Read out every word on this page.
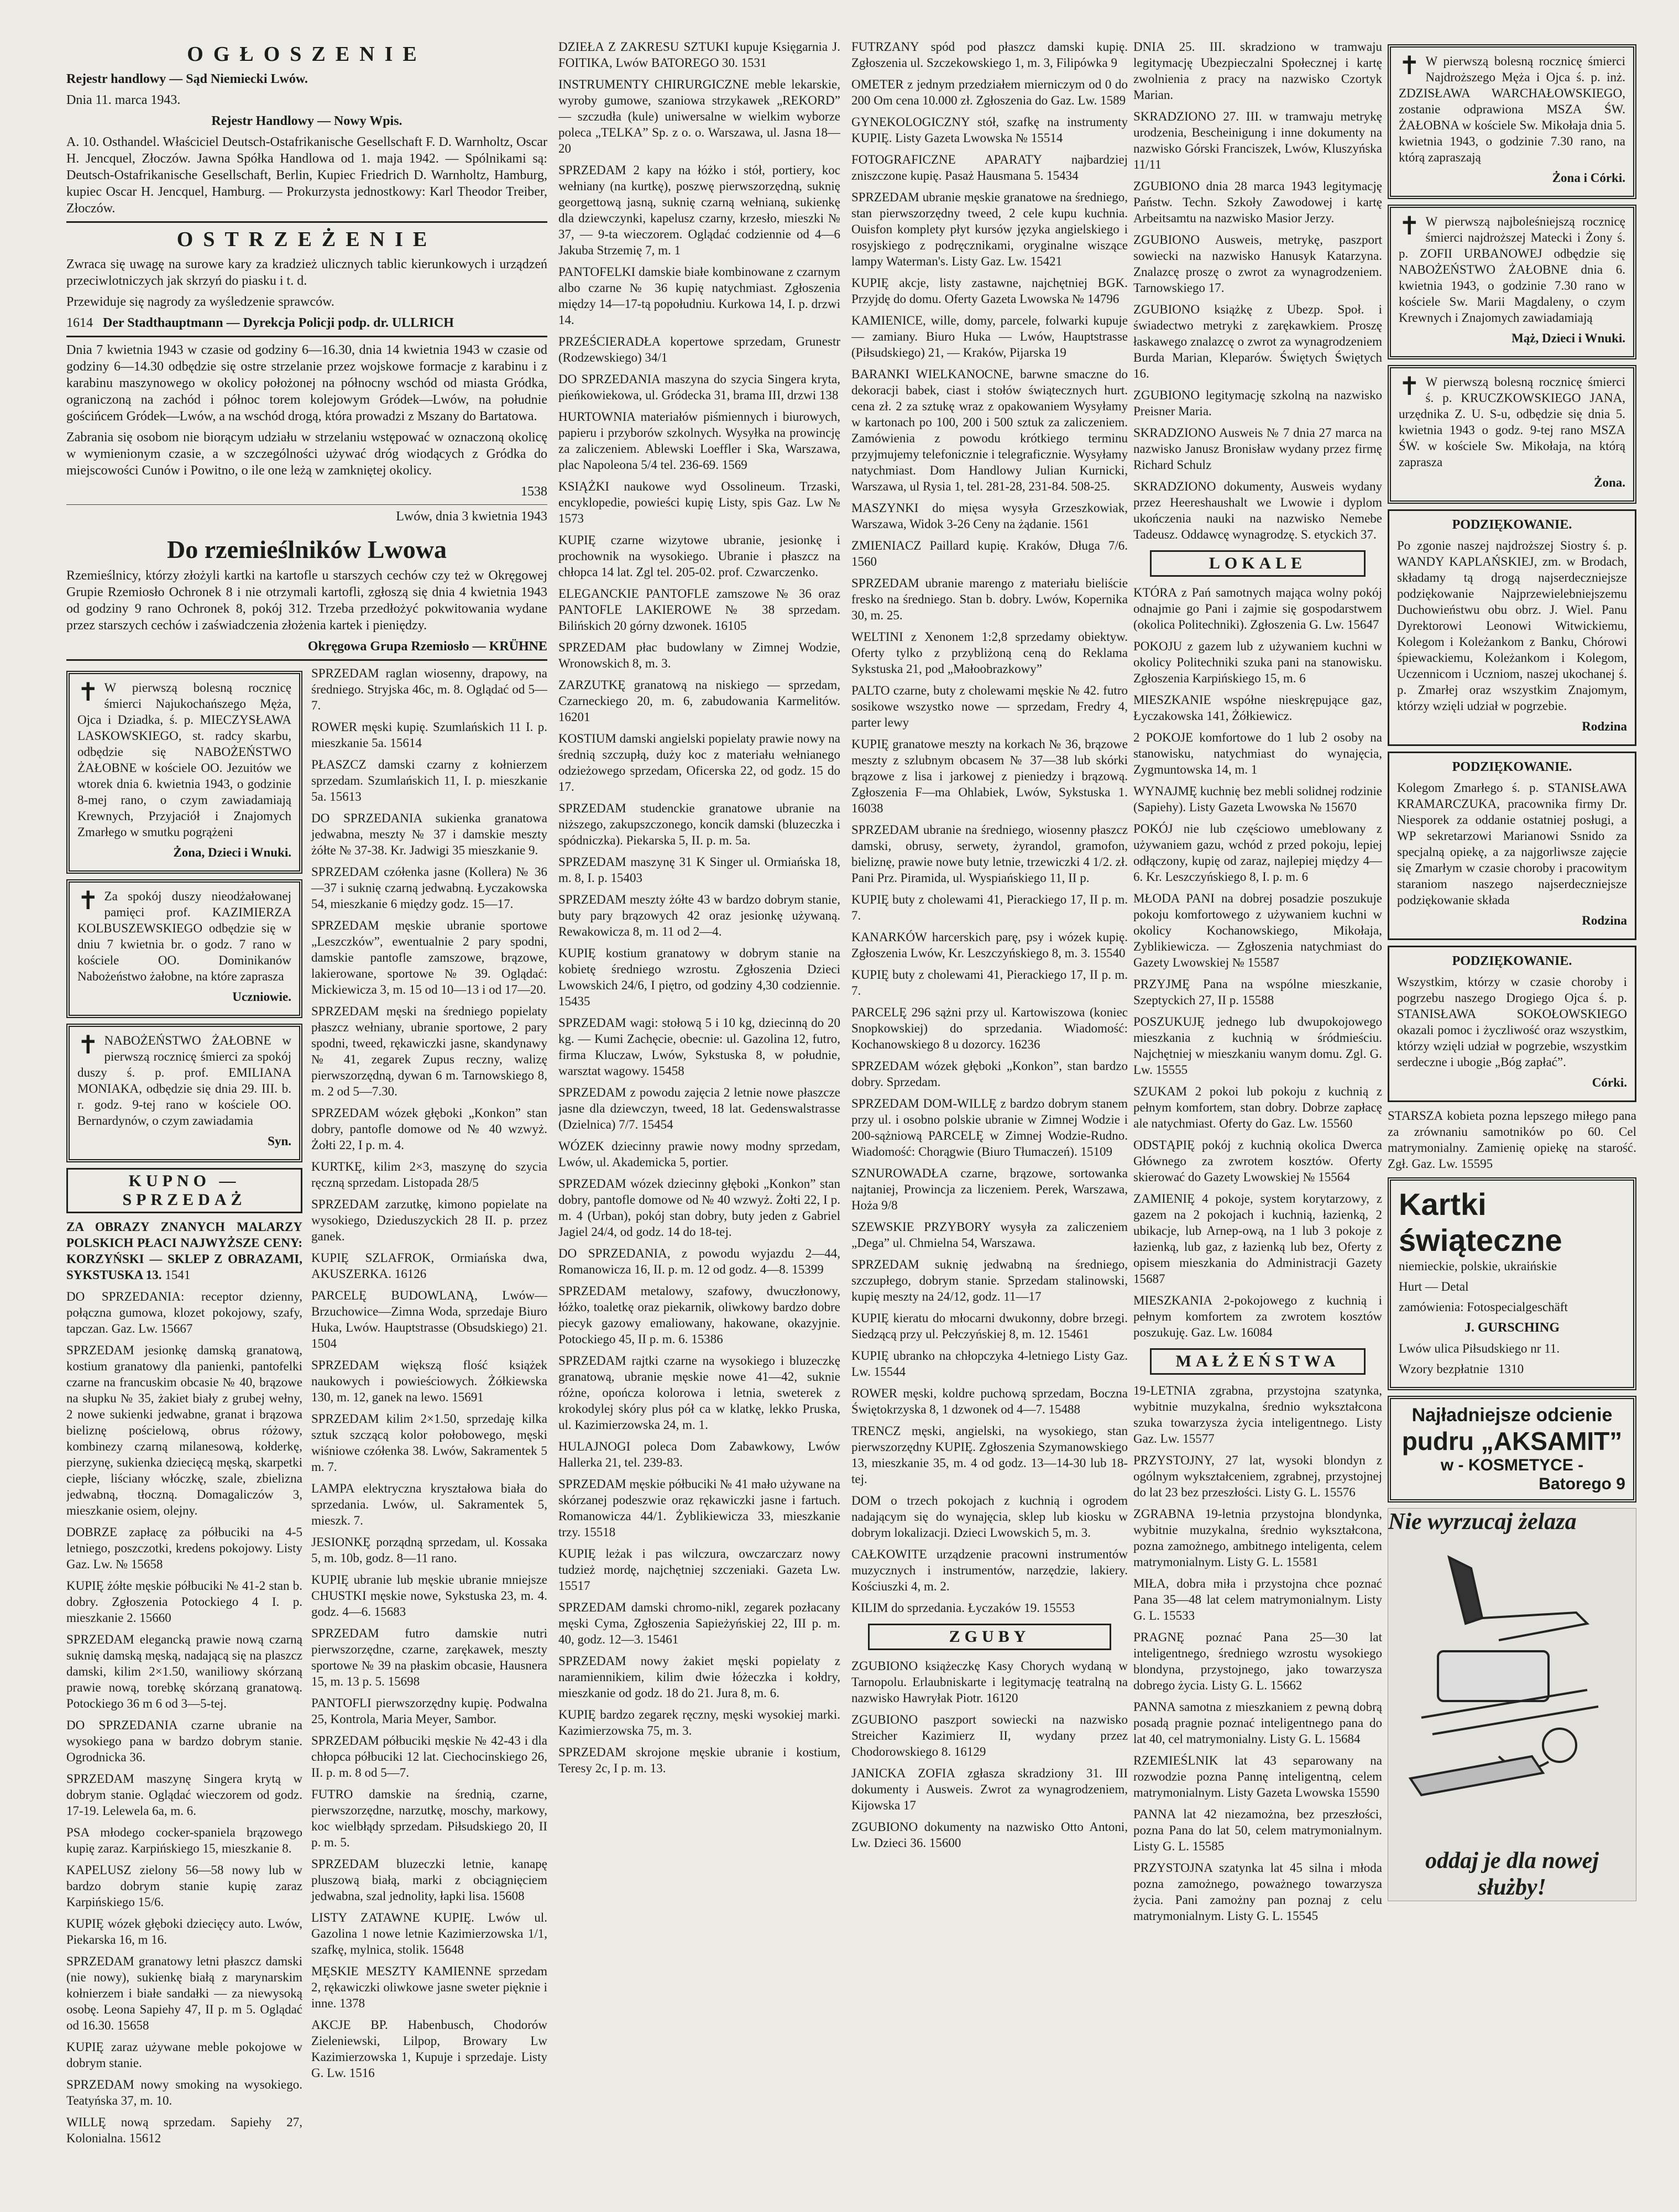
OGŁOSZENIE

Rejestr handlowy — Sąd Niemiecki Lwów.

Dnia 11. marca 1943.

Rejestr Handlowy — Nowy Wpis.

A. 10. Osthandel. Właściciel Deutsch-Ostafrikanische Gesellschaft F. D. Warnholtz, Oscar H. Jencquel, Złoczów. Jawna Spółka Handlowa od 1. maja 1942. — Spólnikami są: Deutsch-Ostafrikanische Gesellschaft, Berlin, Kupiec Friedrich D. Warnholtz, Hamburg, kupiec Oscar H. Jencquel, Hamburg. — Prokurzysta jednostkowy: Karl Theodor Treiber, Złoczów.

OSTRZEŻENIE

Zwraca się uwagę na surowe kary za kradzież ulicznych tablic kierunkowych i urządzeń przeciwlotniczych jak skrzyń do piasku i t. d.

Przewiduje się nagrody za wyśledzenie sprawców.

1614 Der Stadthauptmann — Dyrekcja Policji podp. dr. ULLRICH

Dnia 7 kwietnia 1943 w czasie od godziny 6—16.30, dnia 14 kwietnia 1943 w czasie od godziny 6—14.30 odbędzie się ostre strzelanie przez wojskowe formacje z karabinu i z karabinu maszynowego w okolicy położonej na północny wschód od miasta Gródka, ograniczoną na zachód i północ torem kolejowym Gródek—Lwów, na południe gościńcem Gródek—Lwów, a na wschód drogą, która prowadzi z Mszany do Bartatowa.

Zabrania się osobom nie biorącym udziału w strzelaniu wstępować w oznaczoną okolicę w wymienionym czasie, a w szczególności używać dróg wiodących z Gródka do miejscowości Cunów i Powitno, o ile one leżą w zamkniętej okolicy.

1538

Lwów, dnia 3 kwietnia 1943

Do rzemieślników Lwowa

Rzemieślnicy, którzy złożyli kartki na kartofle u starszych cechów czy też w Okręgowej Grupie Rzemiosło Ochronek 8 i nie otrzymali kartofli, zgłoszą się dnia 4 kwietnia 1943 od godziny 9 rano Ochronek 8, pokój 312. Trzeba przedłożyć pokwitowania wydane przez starszych cechów i zaświadczenia złożenia kartek i pieniędzy.

Okręgowa Grupa Rzemiosło — KRÜHNE

✝ W pierwszą bolesną rocznicę śmierci Najukochańszego Męża, Ojca i Dziadka, ś. p. MIECZYSŁAWA LASKOWSKIEGO, st. radcy skarbu, odbędzie się NABOŻEŃSTWO ŻAŁOBNE w kościele OO. Jezuitów we wtorek dnia 6. kwietnia 1943, o godzinie 8-mej rano, o czym zawiadamiają Krewnych, Przyjaciół i Znajomych Zmarłego w smutku pogrążeni

Żona, Dzieci i Wnuki.

✝ Za spokój duszy nieodżałowanej pamięci prof. KAZIMIERZA KOLBUSZEWSKIEGO odbędzie się w dniu 7 kwietnia br. o godz. 7 rano w kościele OO. Dominikanów Nabożeństwo żałobne, na które zaprasza

Uczniowie.

✝ NABOŻEŃSTWO ŻAŁOBNE w pierwszą rocznicę śmierci za spokój duszy ś. p. prof. EMILIANA MONIAKA, odbędzie się dnia 29. III. b. r. godz. 9-tej rano w kościele OO. Bernardynów, o czym zawiadamia

Syn.

KUPNO — SPRZEDAŻ

ZA OBRAZY ZNANYCH MALARZY POLSKICH PŁACI NAJWYŻSZE CENY: KORZYŃSKI — SKLEP Z OBRAZAMI, SYKSTUSKA 13. 1541

DO SPRZEDANIA: receptor dzienny, połączna gumowa, klozet pokojowy, szafy, tapczan. Gaz. Lw. 15667

SPRZEDAM jesionkę damską granatową, kostium granatowy dla panienki, pantofelki czarne na francuskim obcasie № 40, brązowe na słupku № 35, żakiet biały z grubej wełny, 2 nowe sukienki jedwabne, granat i brązowa bieliznę pościelową, obrus różowy, kombinezy czarną milanesową, kołderkę, pierzynę, sukienka dziecięcą męską, skarpetki ciepłe, liściany włóczkę, szale, zbielizna jedwabną, tłoczną. Domagaliczów 3, mieszkanie osiem, olejny.

DOBRZE zapłacę za półbuciki na 4-5 letniego, poszczotki, kredens pokojowy. Listy Gaz. Lw. № 15658

KUPIĘ żółte męskie półbuciki № 41-2 stan b. dobry. Zgłoszenia Potockiego 4 I. p. mieszkanie 2. 15660

SPRZEDAM elegancką prawie nową czarną suknię damską męską, nadającą się na plaszcz damski, kilim 2×1.50, waniliowy skórzaną prawie nową, torebkę skórzaną granatową. Potockiego 36 m 6 od 3—5-tej.

DO SPRZEDANIA czarne ubranie na wysokiego pana w bardzo dobrym stanie. Ogrodnicka 36.

SPRZEDAM maszynę Singera krytą w dobrym stanie. Oglądać wieczorem od godz. 17-19. Lelewela 6a, m. 6.

PSA młodego cocker-spaniela brązowego kupię zaraz. Karpińskiego 15, mieszkanie 8.

KAPELUSZ zielony 56—58 nowy lub w bardzo dobrym stanie kupię zaraz Karpińskiego 15/6.

KUPIĘ wózek głęboki dziecięcy auto. Lwów, Piekarska 16, m 16.

SPRZEDAM granatowy letni płaszcz damski (nie nowy), sukienkę białą z marynarskim kołnierzem i białe sandałki — za niewysoką osobę. Leona Sapiehy 47, II p. m 5. Oglądać od 16.30. 15658

KUPIĘ zaraz używane meble pokojowe w dobrym stanie.

SPRZEDAM nowy smoking na wysokiego. Teatyńska 37, m. 10.

WILLĘ nową sprzedam. Sapiehy 27, Kolonialna. 15612

SPRZEDAM raglan wiosenny, drapowy, na średniego. Stryjska 46c, m. 8. Oglądać od 5—7.

ROWER męski kupię. Szumlańskich 11 I. p. mieszkanie 5a. 15614

PŁASZCZ damski czarny z kołnierzem sprzedam. Szumlańskich 11, I. p. mieszkanie 5a. 15613

DO SPRZEDANIA sukienka granatowa jedwabna, meszty № 37 i damskie meszty żółte № 37-38. Kr. Jadwigi 35 mieszkanie 9.

SPRZEDAM czółenka jasne (Kollera) № 36—37 i suknię czarną jedwabną. Łyczakowska 54, mieszkanie 6 między godz. 15—17.

SPRZEDAM męskie ubranie sportowe „Leszczków”, ewentualnie 2 pary spodni, damskie pantofle zamszowe, brązowe, lakierowane, sportowe № 39. Oglądać: Mickiewicza 3, m. 15 od 10—13 i od 17—20.

SPRZEDAM męski na średniego popielaty płaszcz wełniany, ubranie sportowe, 2 pary spodni, tweed, rękawiczki jasne, skandynawy № 41, zegarek Zupus reczny, walizę pierwszorzędną, dywan 6 m. Tarnowskiego 8, m. 2 od 5—7.30.

SPRZEDAM wózek głęboki „Konkon” stan dobry, pantofle domowe od № 40 wzwyż. Żołti 22, I p. m. 4.

KURTKĘ, kilim 2×3, maszynę do szycia ręczną sprzedam. Listopada 28/5

SPRZEDAM zarzutkę, kimono popielate na wysokiego, Dzieduszyckich 28 II. p. przez ganek.

KUPIĘ SZLAFROK, Ormiańska dwa, AKUSZERKA. 16126

PARCELĘ BUDOWLANĄ, Lwów—Brzuchowice—Zimna Woda, sprzedaje Biuro Huka, Lwów. Hauptstrasse (Obsudskiego) 21. 1504

SPRZEDAM większą flość książek naukowych i powieściowych. Żółkiewska 130, m. 12, ganek na lewo. 15691

SPRZEDAM kilim 2×1.50, sprzedaję kilka sztuk szczącą kolor połobowego, męski wiśniowe czółenka 38. Lwów, Sakramentek 5 m. 7.

LAMPA elektryczna kryształowa biała do sprzedania. Lwów, ul. Sakramentek 5, mieszk. 7.

JESIONKĘ porządną sprzedam, ul. Kossaka 5, m. 10b, godz. 8—11 rano.

KUPIĘ ubranie lub męskie ubranie mniejsze CHUSTKI męskie nowe, Sykstuska 23, m. 4. godz. 4—6. 15683

SPRZEDAM futro damskie nutri pierwszorzędne, czarne, zarękawek, meszty sportowe № 39 na płaskim obcasie, Hausnera 15, m. 13 p. 5. 15698

PANTOFLI pierwszorzędny kupię. Podwalna 25, Kontrola, Maria Meyer, Sambor.

SPRZEDAM półbuciki męskie № 42-43 i dla chłopca półbuciki 12 lat. Ciechocinskiego 26, II. p. m. 8 od 5—7.

FUTRO damskie na średnią, czarne, pierwszorzędne, narzutkę, moschy, markowy, koc wielbłądy sprzedam. Piłsudskiego 20, II p. m. 5.

SPRZEDAM bluzeczki letnie, kanapę pluszową białą, marki z obciągnięciem jedwabna, szal jednolity, łapki lisa. 15608

LISTY ZATAWNE KUPIĘ. Lwów ul. Gazolina 1 nowe letnie Kazimierzowska 1/1, szafkę, mylnica, stolik. 15648

MĘSKIE MESZTY KAMIENNE sprzedam 2, rękawiczki oliwkowe jasne sweter pięknie i inne. 1378

AKCJE BP. Habenbusch, Chodorów Zieleniewski, Lilpop, Browary Lw Kazimierzowska 1, Kupuje i sprzedaje. Listy G. Lw. 1516

DZIEŁA Z ZAKRESU SZTUKI kupuje Księgarnia J. FOITIKA, Lwów BATOREGO 30. 1531

INSTRUMENTY CHIRURGICZNE meble lekarskie, wyroby gumowe, szaniowa strzykawek „REKORD” — szczudła (kule) uniwersalne w wielkim wyborze poleca „TELKA” Sp. z o. o. Warszawa, ul. Jasna 18—20

SPRZEDAM 2 kapy na łóżko i stół, portiery, koc wełniany (na kurtkę), poszwę pierwszorzędną, suknię georgettową jasną, suknię czarną wełnianą, sukienkę dla dziewczynki, kapelusz czarny, krzesło, mieszki № 37, — 9-ta wieczorem. Oglądać codziennie od 4—6 Jakuba Strzemię 7, m. 1

PANTOFELKI damskie białe kombinowane z czarnym albo czarne № 36 kupię natychmiast. Zgłoszenia między 14—17-tą popołudniu. Kurkowa 14, I. p. drzwi 14.

PRZEŚCIERADŁA kopertowe sprzedam, Grunestr (Rodzewskiego) 34/1

DO SPRZEDANIA maszyna do szycia Singera kryta, pieńkowiekowa, ul. Gródecka 31, brama III, drzwi 138

HURTOWNIA materiałów piśmiennych i biurowych, papieru i przyborów szkolnych. Wysyłka na prowincję za zaliczeniem. Ablewski Loeffler i Ska, Warszawa, plac Napoleona 5/4 tel. 236-69. 1569

KSIĄŻKI naukowe wyd Ossolineum. Trzaski, encyklopedie, powieści kupię Listy, spis Gaz. Lw № 1573

KUPIĘ czarne wizytowe ubranie, jesionkę i prochownik na wysokiego. Ubranie i płaszcz na chłopca 14 lat. Zgl tel. 205-02. prof. Czwarczenko.

ELEGANCKIE PANTOFLE zamszowe № 36 oraz PANTOFLE LAKIEROWE № 38 sprzedam. Bilińskich 20 górny dzwonek. 16105

SPRZEDAM płac budowlany w Zimnej Wodzie, Wronowskich 8, m. 3.

ZARZUTKĘ granatową na niskiego — sprzedam, Czarneckiego 20, m. 6, zabudowania Karmelitów. 16201

KOSTIUM damski angielski popielaty prawie nowy na średnią szczupłą, duży koc z materiału wełnianego odzieżowego sprzedam, Oficerska 22, od godz. 15 do 17.

SPRZEDAM studenckie granatowe ubranie na niższego, zakupszczonego, koncik damski (bluzeczka i spódniczka). Piekarska 5, II. p. m. 5a.

SPRZEDAM maszynę 31 K Singer ul. Ormiańska 18, m. 8, I. p. 15403

SPRZEDAM meszty żółte 43 w bardzo dobrym stanie, buty pary brązowych 42 oraz jesionkę używaną. Rewakowicza 8, m. 11 od 2—4.

KUPIĘ kostium granatowy w dobrym stanie na kobietę średniego wzrostu. Zgłoszenia Dzieci Lwowskich 24/6, I piętro, od godziny 4,30 codziennie. 15435

SPRZEDAM wagi: stołową 5 i 10 kg, dziecinną do 20 kg. — Kumi Zachęcie, obecnie: ul. Gazolina 12, futro, firma Kluczaw, Lwów, Sykstuska 8, w południe, warsztat wagowy. 15458

SPRZEDAM z powodu zajęcia 2 letnie nowe płaszcze jasne dla dziewczyn, tweed, 18 lat. Gedenswalstrasse (Dzielnica) 7/7. 15454

WÓZEK dziecinny prawie nowy modny sprzedam, Lwów, ul. Akademicka 5, portier.

SPRZEDAM wózek dziecinny głęboki „Konkon” stan dobry, pantofle domowe od № 40 wzwyż. Żołti 22, I p. m. 4 (Urban), pokój stan dobry, buty jeden z Gabriel Jagiel 24/4, od godz. 14 do 18-tej.

DO SPRZEDANIA, z powodu wyjazdu 2—44, Romanowicza 16, II. p. m. 12 od godz. 4—8. 15399

SPRZEDAM metalowy, szafowy, dwuczłonowy, łóżko, toaletkę oraz piekarnik, oliwkowy bardzo dobre piecyk gazowy emaliowany, hakowane, okazyjnie. Potockiego 45, II p. m. 6. 15386

SPRZEDAM rajtki czarne na wysokiego i bluzeczkę granatową, ubranie męskie nowe 41—42, suknie różne, opończa kolorowa i letnia, sweterek z krokodylej skóry plus pół ca w klatkę, lekko Pruska, ul. Kazimierzowska 24, m. 1.

HULAJNOGI poleca Dom Zabawkowy, Lwów Hallerka 21, tel. 239-83.

SPRZEDAM męskie półbuciki № 41 mało używane na skórzanej podeszwie oraz rękawiczki jasne i fartuch. Romanowicza 44/1. Żyblikiewicza 33, mieszkanie trzy. 15518

KUPIĘ leżak i pas wilczura, owczarczarz nowy tudzież mordę, najchętniej szczeniaki. Gazeta Lw. 15517

SPRZEDAM damski chromo-nikl, zegarek pozłacany męski Cyma, Zgłoszenia Sapieżyńskiej 22, III p. m. 40, godz. 12—3. 15461

SPRZEDAM nowy żakiet męski popielaty z naramiennikiem, kilim dwie łóżeczka i kołdry, mieszkanie od godz. 18 do 21. Jura 8, m. 6.

KUPIĘ bardzo zegarek ręczny, męski wysokiej marki. Kazimierzowska 75, m. 3.

SPRZEDAM skrojone męskie ubranie i kostium, Teresy 2c, I p. m. 13.

FUTRZANY spód pod płaszcz damski kupię. Zgłoszenia ul. Szczekowskiego 1, m. 3, Filipówka 9

OMETER z jednym przedziałem mierniczym od 0 do 200 Om cena 10.000 zł. Zgłoszenia do Gaz. Lw. 1589

GYNEKOLOGICZNY stół, szafkę na instrumenty KUPIĘ. Listy Gazeta Lwowska № 15514

FOTOGRAFICZNE APARATY najbardziej zniszczone kupię. Pasaż Hausmana 5. 15434

SPRZEDAM ubranie męskie granatowe na średniego, stan pierwszorzędny tweed, 2 cele kupu kuchnia. Ouisfon komplety płyt kursów języka angielskiego i rosyjskiego z podręcznikami, oryginalne wiszące lampy Waterman's. Listy Gaz. Lw. 15421

KUPIĘ akcje, listy zastawne, najchętniej BGK. Przyjdę do domu. Oferty Gazeta Lwowska № 14796

KAMIENICE, wille, domy, parcele, folwarki kupuje — zamiany. Biuro Huka — Lwów, Hauptstrasse (Piłsudskiego) 21, — Kraków, Pijarska 19

BARANKI WIELKANOCNE, barwne smaczne do dekoracji babek, ciast i stołów świątecznych hurt. cena zł. 2 za sztukę wraz z opakowaniem Wysyłamy w kartonach po 100, 200 i 500 sztuk za zaliczeniem. Zamówienia z powodu krótkiego terminu przyjmujemy telefonicznie i telegraficznie. Wysyłamy natychmiast. Dom Handlowy Julian Kurnicki, Warszawa, ul Rysia 1, tel. 281-28, 231-84. 508-25.

MASZYNKI do mięsa wysyła Grzeszkowiak, Warszawa, Widok 3-26 Ceny na żądanie. 1561

ZMIENIACZ Paillard kupię. Kraków, Długa 7/6. 1560

SPRZEDAM ubranie marengo z materiału bieliście fresko na średniego. Stan b. dobry. Lwów, Kopernika 30, m. 25.

WELTINI z Xenonem 1:2,8 sprzedamy obiektyw. Oferty tylko z przybliżoną ceną do Reklama Sykstuska 21, pod „Małoobrazkowy”

PALTO czarne, buty z cholewami męskie № 42. futro sosikowe wszystko nowe — sprzedam, Fredry 4, parter lewy

KUPIĘ granatowe meszty na korkach № 36, brązowe meszty z szlubnym obcasem № 37—38 lub skórki brązowe z lisa i jarkowej z pieniedzy i brązową. Zgłoszenia F—ma Ohlabiek, Lwów, Sykstuska 1. 16038

SPRZEDAM ubranie na średniego, wiosenny płaszcz damski, obrusy, serwety, żyrandol, gramofon, bieliznę, prawie nowe buty letnie, trzewiczki 4 1/2. zł. Pani Prz. Piramida, ul. Wyspiańskiego 11, II p.

KUPIĘ buty z cholewami 41, Pierackiego 17, II p. m. 7.

KANARKÓW harcerskich parę, psy i wózek kupię. Zgłoszenia Lwów, Kr. Leszczyńskiego 8, m. 3. 15540

KUPIĘ buty z cholewami 41, Pierackiego 17, II p. m. 7.

PARCELĘ 296 sążni przy ul. Kartowiszowa (koniec Snopkowskiej) do sprzedania. Wiadomość: Kochanowskiego 8 u dozorcy. 16236

SPRZEDAM wózek głęboki „Konkon”, stan bardzo dobry. Sprzedam.

SPRZEDAM DOM-WILLĘ z bardzo dobrym stanem przy ul. i osobno polskie ubranie w Zimnej Wodzie i 200-sążniową PARCELĘ w Zimnej Wodzie-Rudno. Wiadomość: Chorągwie (Biuro Tłumaczeń). 15109

SZNUROWADŁA czarne, brązowe, sortowanka najtaniej, Prowincja za liczeniem. Perek, Warszawa, Hoża 9/8

SZEWSKIE PRZYBORY wysyła za zaliczeniem „Dega” ul. Chmielna 54, Warszawa.

SPRZEDAM suknię jedwabną na średniego, szczupłego, dobrym stanie. Sprzedam stalinowski, kupię meszty na 24/12, godz. 11—17

KUPIĘ kieratu do młocarni dwukonny, dobre brzegi. Siedzącą przy ul. Pełczyńskiej 8, m. 12. 15461

KUPIĘ ubranko na chłopczyka 4-letniego Listy Gaz. Lw. 15544

ROWER męski, koldre puchową sprzedam, Boczna Świętokrzyska 8, 1 dzwonek od 4—7. 15488

TRENCZ męski, angielski, na wysokiego, stan pierwszorzędny KUPIĘ. Zgłoszenia Szymanowskiego 13, mieszkanie 35, m. 4 od godz. 13—14-30 lub 18-tej.

DOM o trzech pokojach z kuchnią i ogrodem nadającym się do wynajęcia, sklep lub kiosku w dobrym lokalizacji. Dzieci Lwowskich 5, m. 3.

CAŁKOWITE urządzenie pracowni instrumentów muzycznych i instrumentów, narzędzie, lakiery. Kościuszki 4, m. 2.

KILIM do sprzedania. Łyczaków 19. 15553

ZGUBY

ZGUBIONO książeczkę Kasy Chorych wydaną w Tarnopolu. Erlaubniskarte i legitymację teatralną na nazwisko Hawryłak Piotr. 16120

ZGUBIONO paszport sowiecki na nazwisko Streicher Kazimierz II, wydany przez Chodorowskiego 8. 16129

JANICKA ZOFIA zgłasza skradziony 31. III dokumenty i Ausweis. Zwrot za wynagrodzeniem, Kijowska 17

ZGUBIONO dokumenty na nazwisko Otto Antoni, Lw. Dzieci 36. 15600

DNIA 25. III. skradziono w tramwaju legitymację Ubezpieczalni Społecznej i kartę zwolnienia z pracy na nazwisko Czortyk Marian.

SKRADZIONO 27. III. w tramwaju metrykę urodzenia, Bescheinigung i inne dokumenty na nazwisko Górski Franciszek, Lwów, Kluszyńska 11/11

ZGUBIONO dnia 28 marca 1943 legitymację Państw. Techn. Szkoły Zawodowej i kartę Arbeitsamtu na nazwisko Masior Jerzy.

ZGUBIONO Ausweis, metrykę, paszport sowiecki na nazwisko Hanusyk Katarzyna. Znalazcę proszę o zwrot za wynagrodzeniem. Tarnowskiego 17.

ZGUBIONO książkę z Ubezp. Społ. i świadectwo metryki z zarękawkiem. Proszę łaskawego znalazcę o zwrot za wynagrodzeniem Burda Marian, Kleparów. Świętych Świętych 16.

ZGUBIONO legitymację szkolną na nazwisko Preisner Maria.

SKRADZIONO Ausweis № 7 dnia 27 marca na nazwisko Janusz Bronisław wydany przez firmę Richard Schulz

SKRADZIONO dokumenty, Ausweis wydany przez Heereshaushalt we Lwowie i dyplom ukończenia nauki na nazwisko Nemebe Tadeusz. Oddawcę wynagrodzę. S. etyckich 37.

LOKALE

KTÓRA z Pań samotnych mająca wolny pokój odnajmie go Pani i zajmie się gospodarstwem (okolica Politechniki). Zgłoszenia G. Lw. 15647

POKOJU z gazem lub z używaniem kuchni w okolicy Politechniki szuka pani na stanowisku. Zgłoszenia Karpińskiego 15, m. 6

MIESZKANIE współne nieskrępujące gaz, Łyczakowska 141, Żółkiewicz.

2 POKOJE komfortowe do 1 lub 2 osoby na stanowisku, natychmiast do wynajęcia, Zygmuntowska 14, m. 1

WYNAJMĘ kuchnię bez mebli solidnej rodzinie (Sapiehy). Listy Gazeta Lwowska № 15670

POKÓJ nie lub częściowo umeblowany z używaniem gazu, wchód z przed pokoju, lepiej odłączony, kupię od zaraz, najlepiej między 4—6. Kr. Leszczyńskiego 8, I. p. m. 6

MŁODA PANI na dobrej posadzie poszukuje pokoju komfortowego z używaniem kuchni w okolicy Kochanowskiego, Mikołaja, Zyblikiewicza. — Zgłoszenia natychmiast do Gazety Lwowskiej № 15587

PRZYJMĘ Pana na wspólne mieszkanie, Szeptyckich 27, II p. 15588

POSZUKUJĘ jednego lub dwupokojowego mieszkania z kuchnią w śródmieściu. Najchętniej w mieszkaniu wanym domu. Zgl. G. Lw. 15555

SZUKAM 2 pokoi lub pokoju z kuchnią z pełnym komfortem, stan dobry. Dobrze zapłacę ale natychmiast. Oferty do Gaz. Lw. 15560

ODSTĄPIĘ pokój z kuchnią okolica Dwerca Głównego za zwrotem kosztów. Oferty skierować do Gazety Lwowskiej № 15564

ZAMIENIĘ 4 pokoje, system korytarzowy, z gazem na 2 pokojach i kuchnią, łazienką, 2 ubikacje, lub Arnep-ową, na 1 lub 3 pokoje z łazienką, lub gaz, z łazienką lub bez, Oferty z opisem mieszkania do Administracji Gazety 15687

MIESZKANIA 2-pokojowego z kuchnią i pełnym komfortem za zwrotem kosztów poszukuję. Gaz. Lw. 16084

MAŁŻEŃSTWA

19-LETNIA zgrabna, przystojna szatynka, wybitnie muzykalna, średnio wykształcona szuka towarzysza życia inteligentnego. Listy Gaz. Lw. 15577

PRZYSTOJNY, 27 lat, wysoki blondyn z ogólnym wykształceniem, zgrabnej, przystojnej do lat 23 bez przeszłości. Listy G. L. 15576

ZGRABNA 19-letnia przystojna blondynka, wybitnie muzykalna, średnio wykształcona, pozna zamożnego, ambitnego inteligenta, celem matrymonialnym. Listy G. L. 15581

MIŁA, dobra miła i przystojna chce poznać Pana 35—48 lat celem matrymonialnym. Listy G. L. 15533

PRAGNĘ poznać Pana 25—30 lat inteligentnego, średniego wzrostu wysokiego blondyna, przystojnego, jako towarzysza dobrego życia. Listy G. L. 15662

PANNA samotna z mieszkaniem z pewną dobrą posadą pragnie poznać inteligentnego pana do lat 40, cel matrymonialny. Listy G. L. 15684

RZEMIEŚLNIK lat 43 separowany na rozwodzie pozna Pannę inteligentną, celem matrymonialnym. Listy Gazeta Lwowska 15590

PANNA lat 42 niezamożna, bez przeszłości, pozna Pana do lat 50, celem matrymonialnym. Listy G. L. 15585

PRZYSTOJNA szatynka lat 45 silna i młoda pozna zamożnego, poważnego towarzysza życia. Pani zamożny pan poznaj z celu matrymonialnym. Listy G. L. 15545

✝ W pierwszą bolesną rocznicę śmierci Najdroższego Męża i Ojca ś. p. inż. ZDZISŁAWA WARCHAŁOWSKIEGO, zostanie odprawiona MSZA ŚW. ŻAŁOBNA w kościele Sw. Mikołaja dnia 5. kwietnia 1943, o godzinie 7.30 rano, na którą zapraszają

Żona i Córki.

✝ W pierwszą najboleśniejszą rocznicę śmierci najdroższej Matecki i Żony ś. p. ZOFII URBANOWEJ odbędzie się NABOŻEŃSTWO ŻAŁOBNE dnia 6. kwietnia 1943, o godzinie 7.30 rano w kościele Sw. Marii Magdaleny, o czym Krewnych i Znajomych zawiadamiają

Mąż, Dzieci i Wnuki.

✝ W pierwszą bolesną rocznicę śmierci ś. p. KRUCZKOWSKIEGO JANA, urzędnika Z. U. S-u, odbędzie się dnia 5. kwietnia 1943 o godz. 9-tej rano MSZA ŚW. w kościele Sw. Mikołaja, na którą zaprasza

Żona.

PODZIĘKOWANIE.

Po zgonie naszej najdroższej Siostry ś. p. WANDY KAPLAŃSKIEJ, zm. w Brodach, składamy tą drogą najserdeczniejsze podziękowanie Najprzewielebniejszemu Duchowieństwu obu obrz. J. Wiel. Panu Dyrektorowi Leonowi Witwickiemu, Kolegom i Koleżankom z Banku, Chórowi śpiewackiemu, Koleżankom i Kolegom, Uczennicom i Uczniom, naszej ukochanej ś. p. Zmarłej oraz wszystkim Znajomym, którzy wzięli udział w pogrzebie.

Rodzina

PODZIĘKOWANIE.

Kolegom Zmarłego ś. p. STANISŁAWA KRAMARCZUKA, pracownika firmy Dr. Niesporek za oddanie ostatniej posługi, a WP sekretarzowi Marianowi Ssnido za specjalną opiekę, a za najgorliwsze zajęcie się Zmarłym w czasie choroby i pracowitym staraniom naszego najserdeczniejsze podziękowanie składa

Rodzina

PODZIĘKOWANIE.

Wszystkim, którzy w czasie choroby i pogrzebu naszego Drogiego Ojca ś. p. STANISŁAWA SOKOŁOWSKIEGO okazali pomoc i życzliwość oraz wszystkim, którzy wzięli udział w pogrzebie, wszystkim serdeczne i ubogie „Bóg zapłać”.

Córki.

STARSZA kobieta pozna lepszego miłego pana za zrównaniu samotników po 60. Cel matrymonialny. Zamienię opiekę na starość. Zgł. Gaz. Lw. 15595

Kartki świąteczne

niemieckie, polskie, ukraińskie

Hurt — Detal

zamówienia: Fotospecialgeschäft

J. GURSCHING

Lwów ulica Piłsudskiego nr 11.

Wzory bezpłatnie 1310

Najładniejsze odcienie
pudru „AKSAMIT”
w - KOSMETYCE -
Batorego 9
Nie wyrzucaj żelaza
oddaj je dla nowej służby!
